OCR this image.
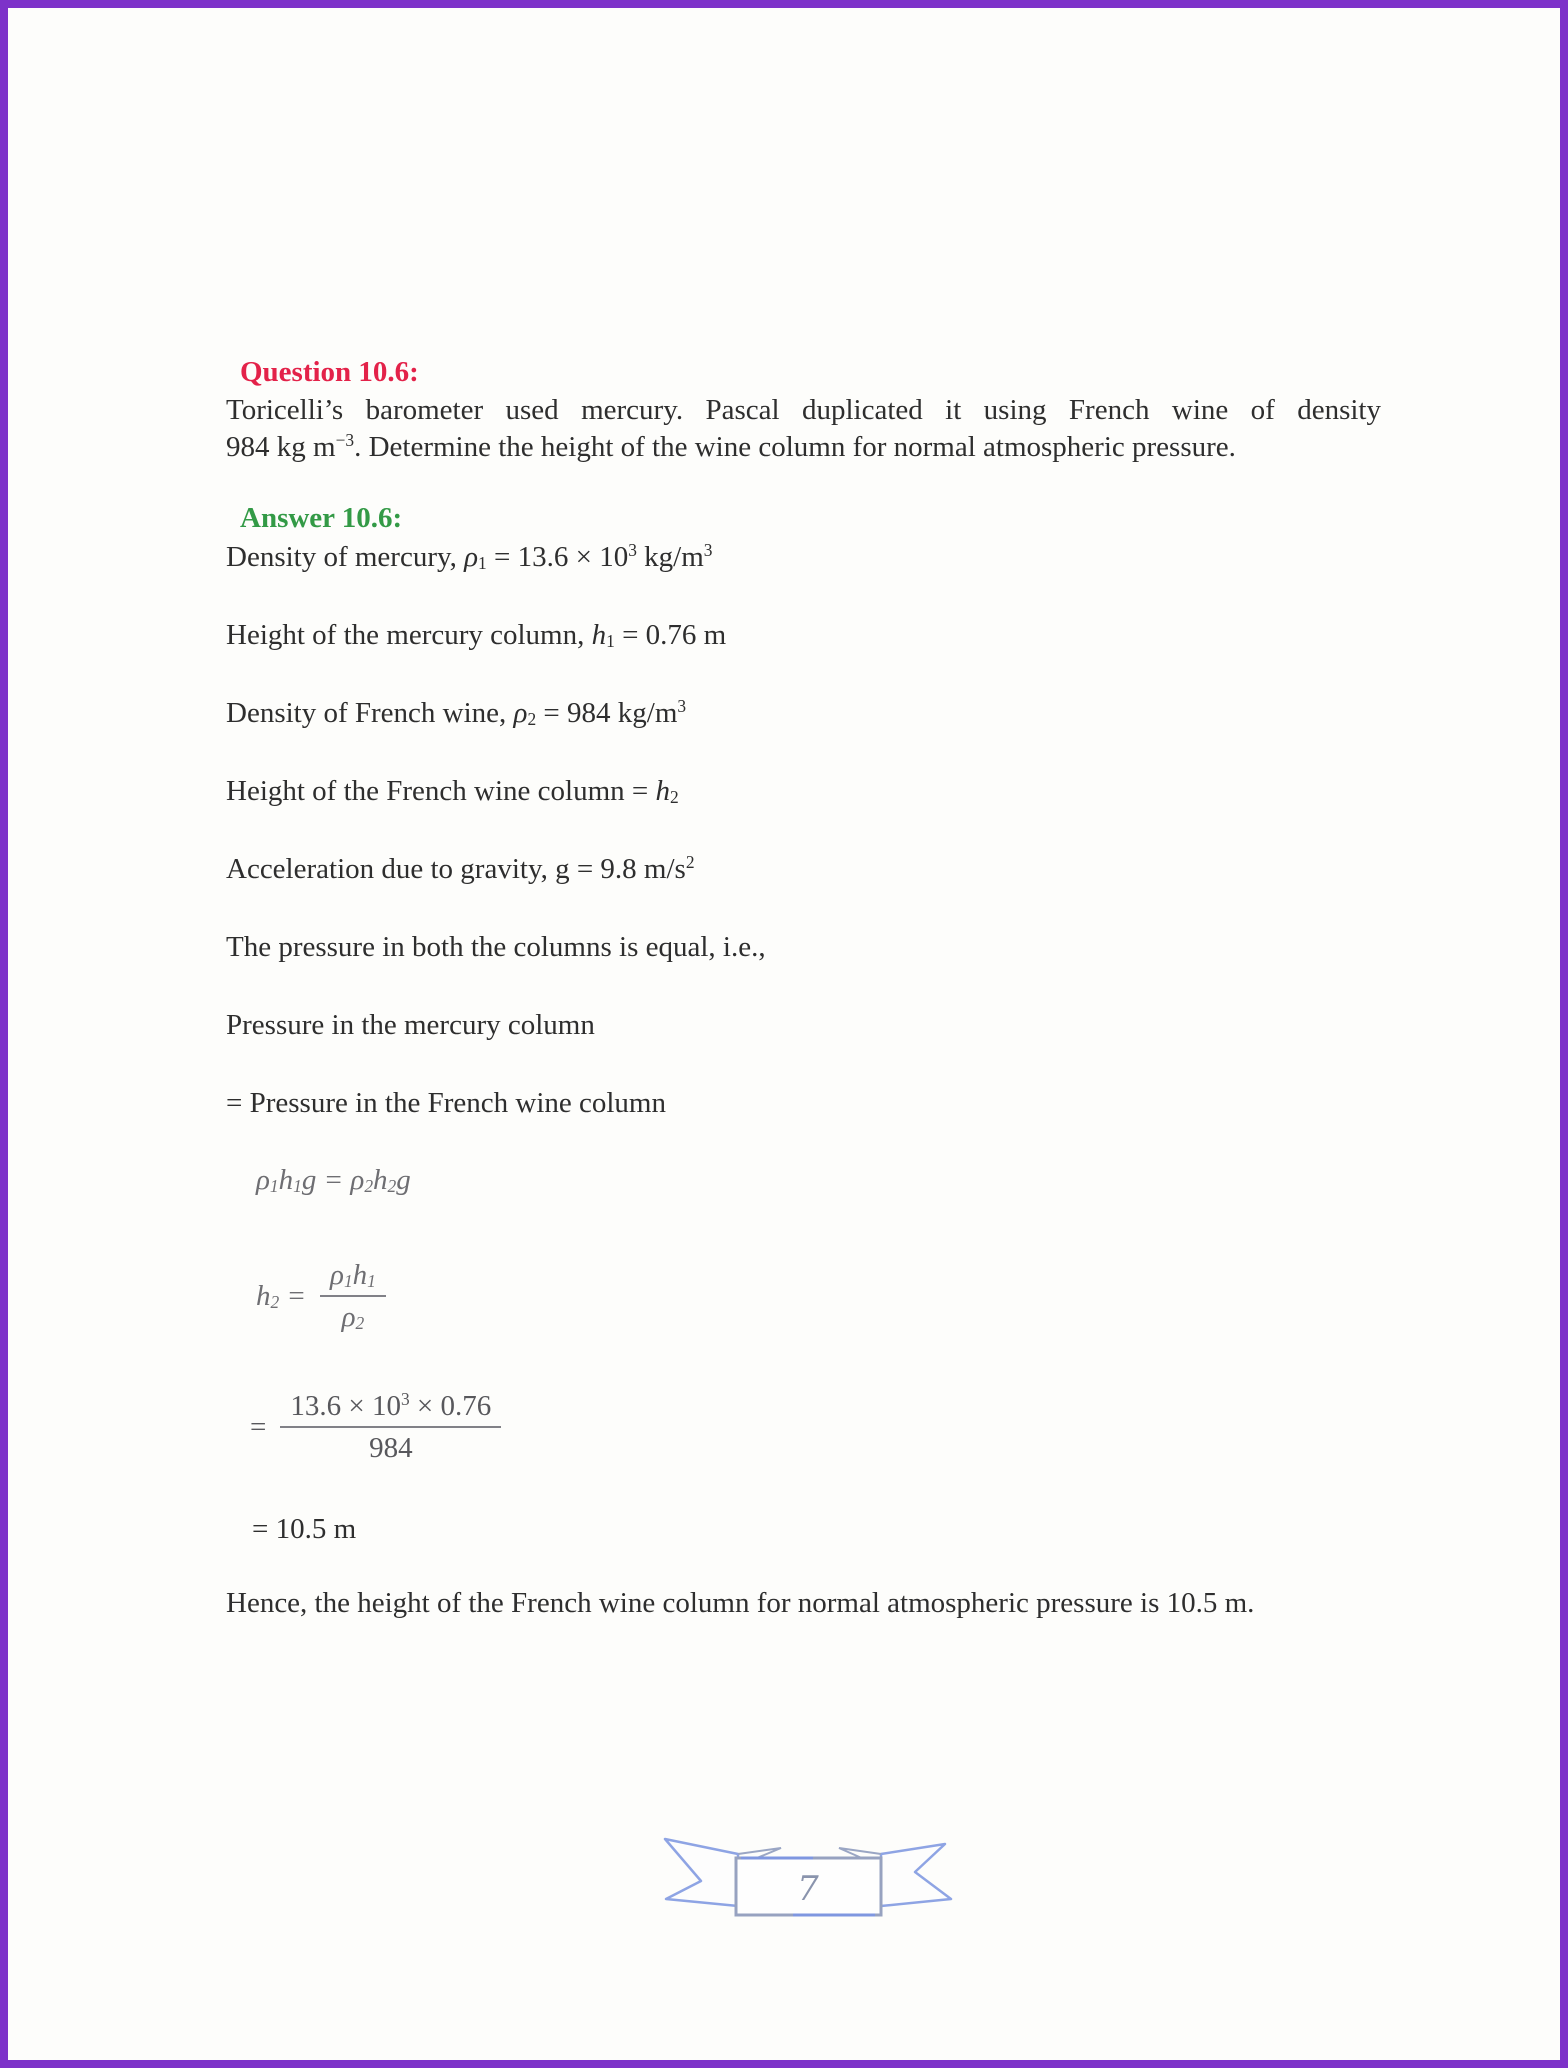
Question 10.6:

Toricelli’s barometer used mercury. Pascal duplicated it using French wine of density

984 kg $m^{-3}$. Determine the height of the wine column for normal atmospheric pressure.

Answer 10.6:

Density of mercury, $\rho_1 = 13.6 \times 10^3$ $kg/m^3$

Height of the mercury column, $h_1 = 0.76$ m

Density of French wine, $\rho_2 = 984$ $kg/m^3$

Height of the French wine column = $h_2$

Acceleration due to gravity, g = 9.8 $m/s^2$

The pressure in both the columns is equal, i.e.,

Pressure in the mercury column

= Pressure in the French wine column

$\rho_1h_1g = \rho_2h_2g$

$h_2 = \frac{\rho_1h_1}{\rho_2}$
= $\frac{13.6 \times 10^3 \times 0.76}{984}$

= 10.5 m

Hence, the height of the French wine column for normal atmospheric pressure is 10.5 m.

7
